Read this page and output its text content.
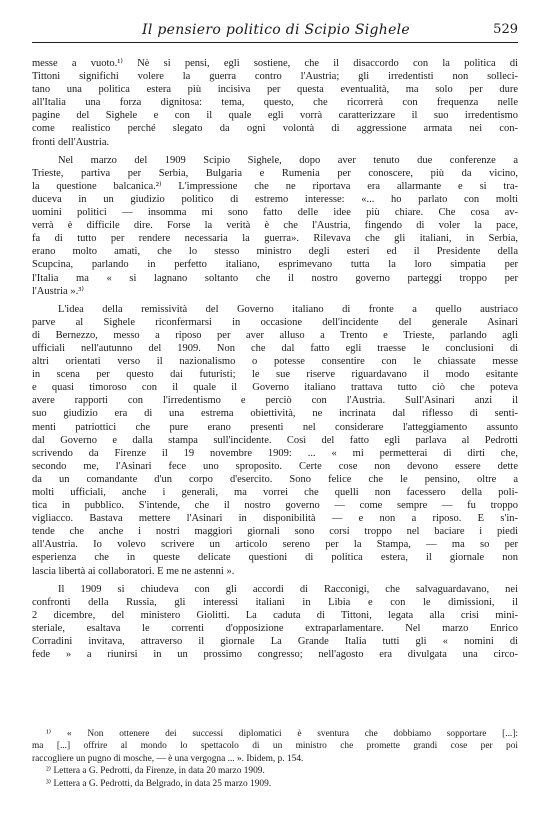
Il pensiero politico di Scipio Sighele	529
messe a vuoto.¹⁾ Nè si pensi, egli sostiene, che il disaccordo con la politica di
Tittoni significhi volere la guerra contro l'Austria; gli irredentisti non solleci-
tano una politica estera più incisiva per questa eventualità, ma solo per dure
all'Italia una forza dignitosa: tema, questo, che ricorrerà con frequenza nelle
pagine del Sighele e con il quale egli vorrà caratterizzare il suo irredentismo
come realistico perché slegato da ogni volontà di aggressione armata nei con-
fronti dell'Austria.
Nel marzo del 1909 Scipio Sighele, dopo aver tenuto due conferenze a
Trieste, partiva per Serbia, Bulgaria e Rumenia per conoscere, più da vicino,
la questione balcanica.²⁾ L'impressione che ne riportava era allarmante e si tra-
duceva in un giudizio politico di estremo interesse: «... ho parlato con molti
uomini politici — insomma mi sono fatto delle idee più chiare. Che cosa av-
verrà è difficile dire. Forse la verità è che l'Austria, fingendo di voler la pace,
fa di tutto per rendere necessaria la guerra». Rilevava che gli italiani, in Serbia,
erano molto amati, che lo stesso ministro degli esteri ed il Presidente della
Scupcina, parlando in perfetto italiano, esprimevano tutta la loro simpatia per
l'Italia ma « si lagnano soltanto che il nostro governo parteggi troppo per
l'Austria ».³⁾
L'idea della remissività del Governo italiano di fronte a quello austriaco
parve al Sighele riconfermarsi in occasione dell'incidente del generale Asinari
di Bernezzo, messo a riposo per aver alluso a Trento e Trieste, parlando agli
ufficiali nell'autunno del 1909. Non che dal fatto egli traesse le conclusioni di
altri orientati verso il nazionalismo o potesse consentire con le chiassate messe
in scena per questo dai futuristi; le sue riserve riguardavano il modo esitante
e quasi timoroso con il quale il Governo italiano trattava tutto ciò che poteva
avere rapporti con l'irredentismo e perciò con l'Austria. Sull'Asinari anzi il
suo giudizio era di una estrema obiettività, ne incrinata dal riflesso di senti-
menti patriottici che pure erano presenti nel considerare l'atteggiamento assunto
dal Governo e dalla stampa sull'incidente. Così del fatto egli parlava al Pedrotti
scrivendo da Firenze il 19 novembre 1909: ... « mi permetterai di dirti che,
secondo me, l'Asinari fece uno sproposito. Certe cose non devono essere dette
da un comandante d'un corpo d'esercito. Sono felice che le pensino, oltre a
molti ufficiali, anche i generali, ma vorrei che quelli non facessero della poli-
tica in pubblico. S'intende, che il nostro governo — come sempre — fu troppo
vigliacco. Bastava mettere l'Asinari in disponibilità — e non a riposo. E s'in-
tende che anche i nostri maggiori giornali sono corsi troppo nel baciare i piedi
all'Austria. Io volevo scrivere un articolo sereno per la Stampa, — ma so per
esperienza che in queste delicate questioni di politica estera, il giornale non
lascia libertà ai collaboratori. E me ne astenni ».
Il 1909 si chiudeva con gli accordi di Racconigi, che salvaguardavano, nei
confronti della Russia, gli interessi italiani in Libia e con le dimissioni, il
2 dicembre, del ministero Giolitti. La caduta di Tittoni, legata alla crisi mini-
steriale, esaltava le correnti d'opposizione extraparlamentare. Nel marzo Enrico
Corradini invitava, attraverso il giornale La Grande Italia tutti gli « nomini di
fede » a riunirsi in un prossimo congresso; nell'agosto era divulgata una circo-
¹⁾ « Non ottenere dei successi diplomatici è sventura che dobbiamo sopportare [...]:
ma [...] offrire al mondo lo spettacolo di un ministro che promette grandi cose per poi
raccogliere un pugno di mosche, — è una vergogna ... ». Ibidem, p. 154.
²⁾ Lettera a G. Pedrotti, da Firenze, in data 20 marzo 1909.
³⁾ Lettera a G. Pedrotti, da Belgrado, in data 25 marzo 1909.
